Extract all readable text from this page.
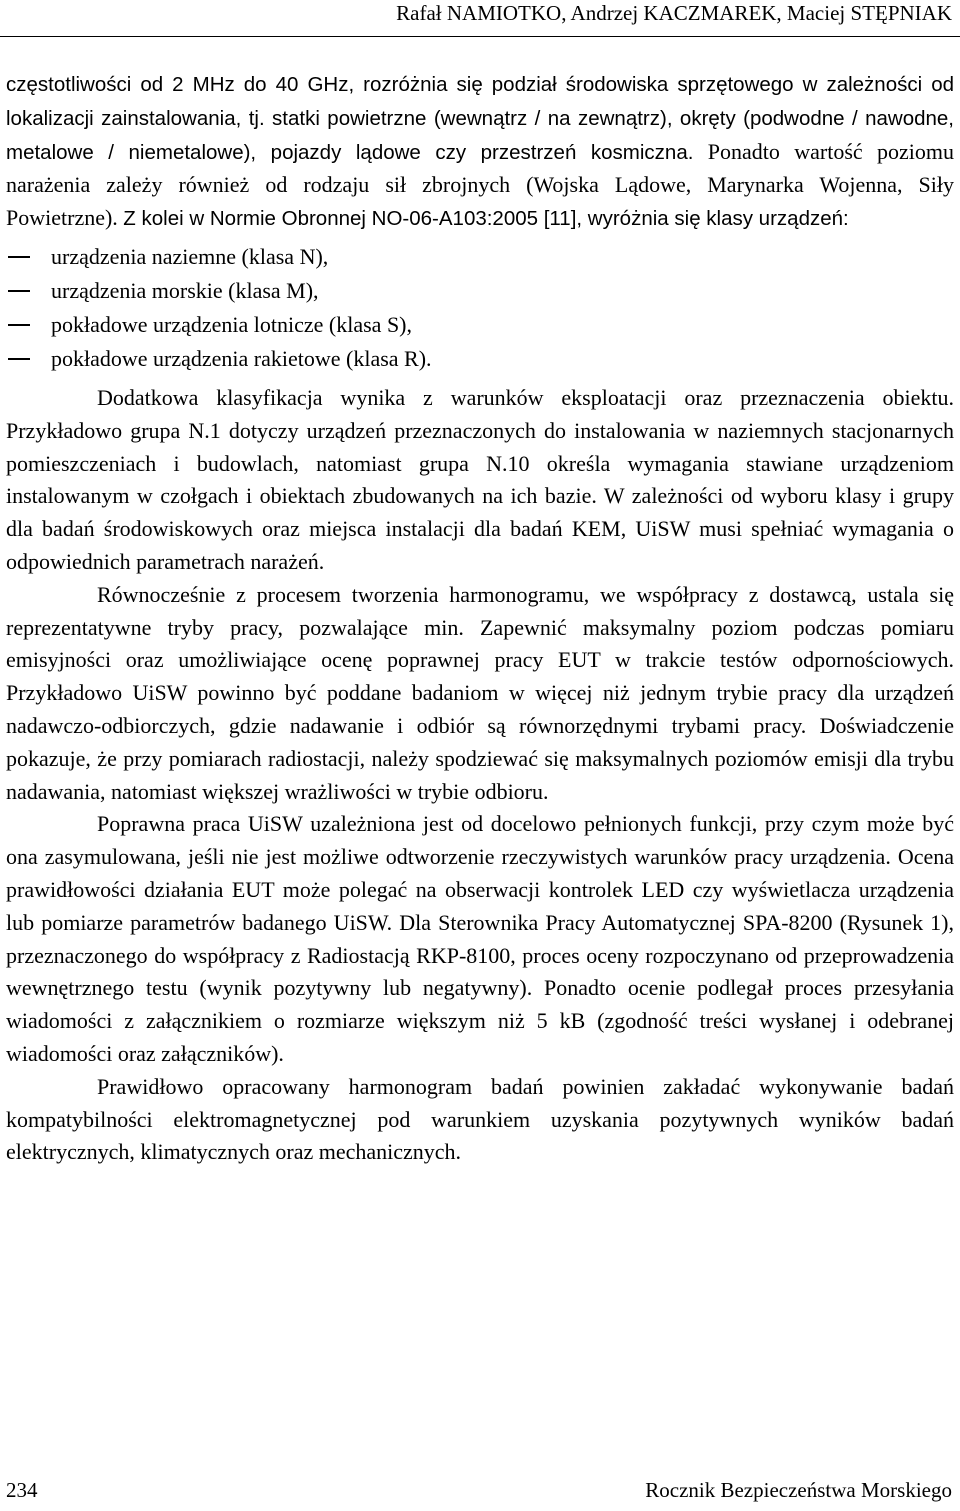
Rafał NAMIOTKO, Andrzej KACZMAREK, Maciej STĘPNIAK

częstotliwości od 2 MHz do 40 GHz, rozróżnia się podział środowiska sprzętowego w zależności od lokalizacji zainstalowania, tj. statki powietrzne (wewnątrz / na zewnątrz), okręty (podwodne / nawodne, metalowe / niemetalowe), pojazdy lądowe czy przestrzeń kosmiczna. Ponadto wartość poziomu narażenia zależy również od rodzaju sił zbrojnych (Wojska Lądowe, Marynarka Wojenna, Siły Powietrzne). Z kolei w Normie Obronnej NO-06-A103:2005 [11], wyróżnia się klasy urządzeń:

urządzenia naziemne (klasa N),
urządzenia morskie (klasa M),
pokładowe urządzenia lotnicze (klasa S),
pokładowe urządzenia rakietowe (klasa R).

Dodatkowa klasyfikacja wynika z warunków eksploatacji oraz przeznaczenia obiektu. Przykładowo grupa N.1 dotyczy urządzeń przeznaczonych do instalowania w naziemnych stacjonarnych pomieszczeniach i budowlach, natomiast grupa N.10 określa wymagania stawiane urządzeniom instalowanym w czołgach i obiektach zbudowanych na ich bazie. W zależności od wyboru klasy i grupy dla badań środowiskowych oraz miejsca instalacji dla badań KEM, UiSW musi spełniać wymagania o odpowiednich parametrach narażeń.

Równocześnie z procesem tworzenia harmonogramu, we współpracy z dostawcą, ustala się reprezentatywne tryby pracy, pozwalające min. Zapewnić maksymalny poziom podczas pomiaru emisyjności oraz umożliwiające ocenę poprawnej pracy EUT w trakcie testów odpornościowych. Przykładowo UiSW powinno być poddane badaniom w więcej niż jednym trybie pracy dla urządzeń nadawczo-odbiorczych, gdzie nadawanie i odbiór są równorzędnymi trybami pracy. Doświadczenie pokazuje, że przy pomiarach radiostacji, należy spodziewać się maksymalnych poziomów emisji dla trybu nadawania, natomiast większej wrażliwości w trybie odbioru.

Poprawna praca UiSW uzależniona jest od docelowo pełnionych funkcji, przy czym może być ona zasymulowana, jeśli nie jest możliwe odtworzenie rzeczywistych warunków pracy urządzenia. Ocena prawidłowości działania EUT może polegać na obserwacji kontrolek LED czy wyświetlacza urządzenia lub pomiarze parametrów badanego UiSW. Dla Sterownika Pracy Automatycznej SPA-8200 (Rysunek 1), przeznaczonego do współpracy z Radiostacją RKP-8100, proces oceny rozpoczynano od przeprowadzenia wewnętrznego testu (wynik pozytywny lub negatywny). Ponadto ocenie podlegał proces przesyłania wiadomości z załącznikiem o rozmiarze większym niż 5 kB (zgodność treści wysłanej i odebranej wiadomości oraz załączników).

Prawidłowo opracowany harmonogram badań powinien zakładać wykonywanie badań kompatybilności elektromagnetycznej pod warunkiem uzyskania pozytywnych wyników badań elektrycznych, klimatycznych oraz mechanicznych.

234	Rocznik Bezpieczeństwa Morskiego
